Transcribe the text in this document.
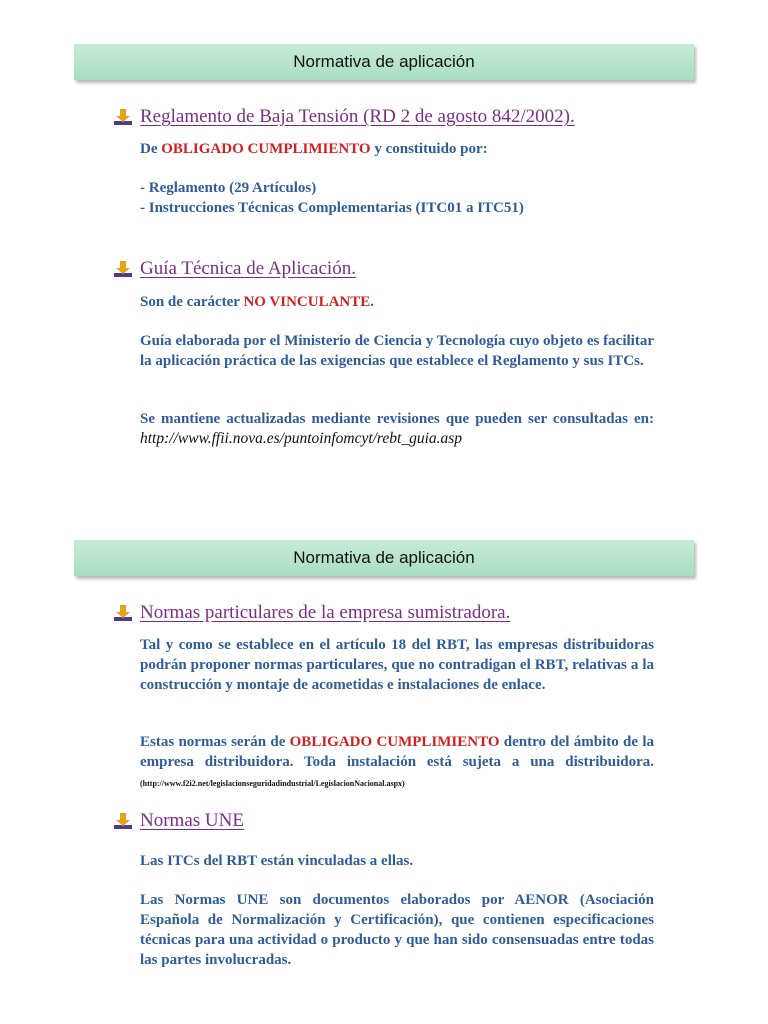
Normativa de aplicación
Reglamento de Baja Tensión (RD 2 de agosto 842/2002).

De OBLIGADO CUMPLIMIENTO y constituido por:

- Reglamento (29 Artículos)

- Instrucciones Técnicas Complementarias (ITC01 a ITC51)

Guía Técnica de Aplicación.

Son de carácter NO VINCULANTE.

Guía elaborada por el Ministerio de Ciencia y Tecnología cuyo objeto es facilitar la aplicación práctica de las exigencias que establece el Reglamento y sus ITCs.

Se mantiene actualizadas mediante revisiones que pueden ser consultadas en: http://www.ffii.nova.es/puntoinfomcyt/rebt_guia.asp

Normativa de aplicación
Normas particulares de la empresa sumistradora.

Tal y como se establece en el artículo 18 del RBT, las empresas distribuidoras podrán proponer normas particulares, que no contradigan el RBT, relativas a la construcción y montaje de acometidas e instalaciones de enlace.

Estas normas serán de OBLIGADO CUMPLIMIENTO dentro del ámbito de la empresa distribuidora. Toda instalación está sujeta a una distribuidora. (http://www.f2i2.net/legislacionseguridadindustrial/LegislacionNacional.aspx)

Normas UNE

Las ITCs del RBT están vinculadas a ellas.

Las Normas UNE son documentos elaborados por AENOR (Asociación Española de Normalización y Certificación), que contienen especificaciones técnicas para una actividad o producto y que han sido consensuadas entre todas las partes involucradas.
